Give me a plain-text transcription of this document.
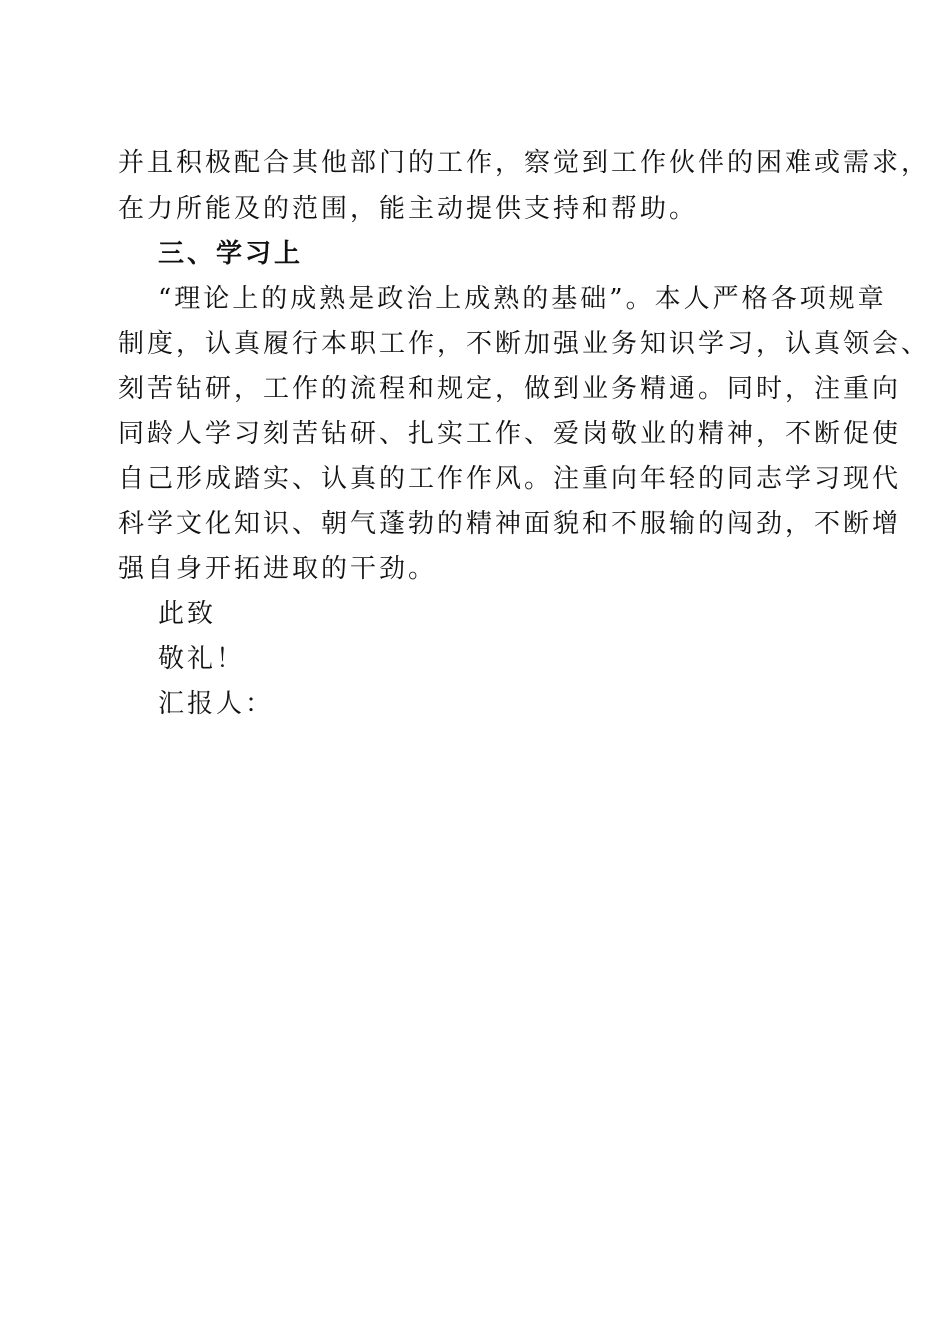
并且积极配合其他部门的工作，察觉到工作伙伴的困难或需求，
在力所能及的范围，能主动提供支持和帮助。
三、学习上
“理论上的成熟是政治上成熟的基础”。本人严格各项规章
制度，认真履行本职工作，不断加强业务知识学习，认真领会、
刻苦钻研，工作的流程和规定，做到业务精通。同时，注重向
同龄人学习刻苦钻研、扎实工作、爱岗敬业的精神，不断促使
自己形成踏实、认真的工作作风。注重向年轻的同志学习现代
科学文化知识、朝气蓬勃的精神面貌和不服输的闯劲，不断增
强自身开拓进取的干劲。
此致
敬礼！
汇报人：
